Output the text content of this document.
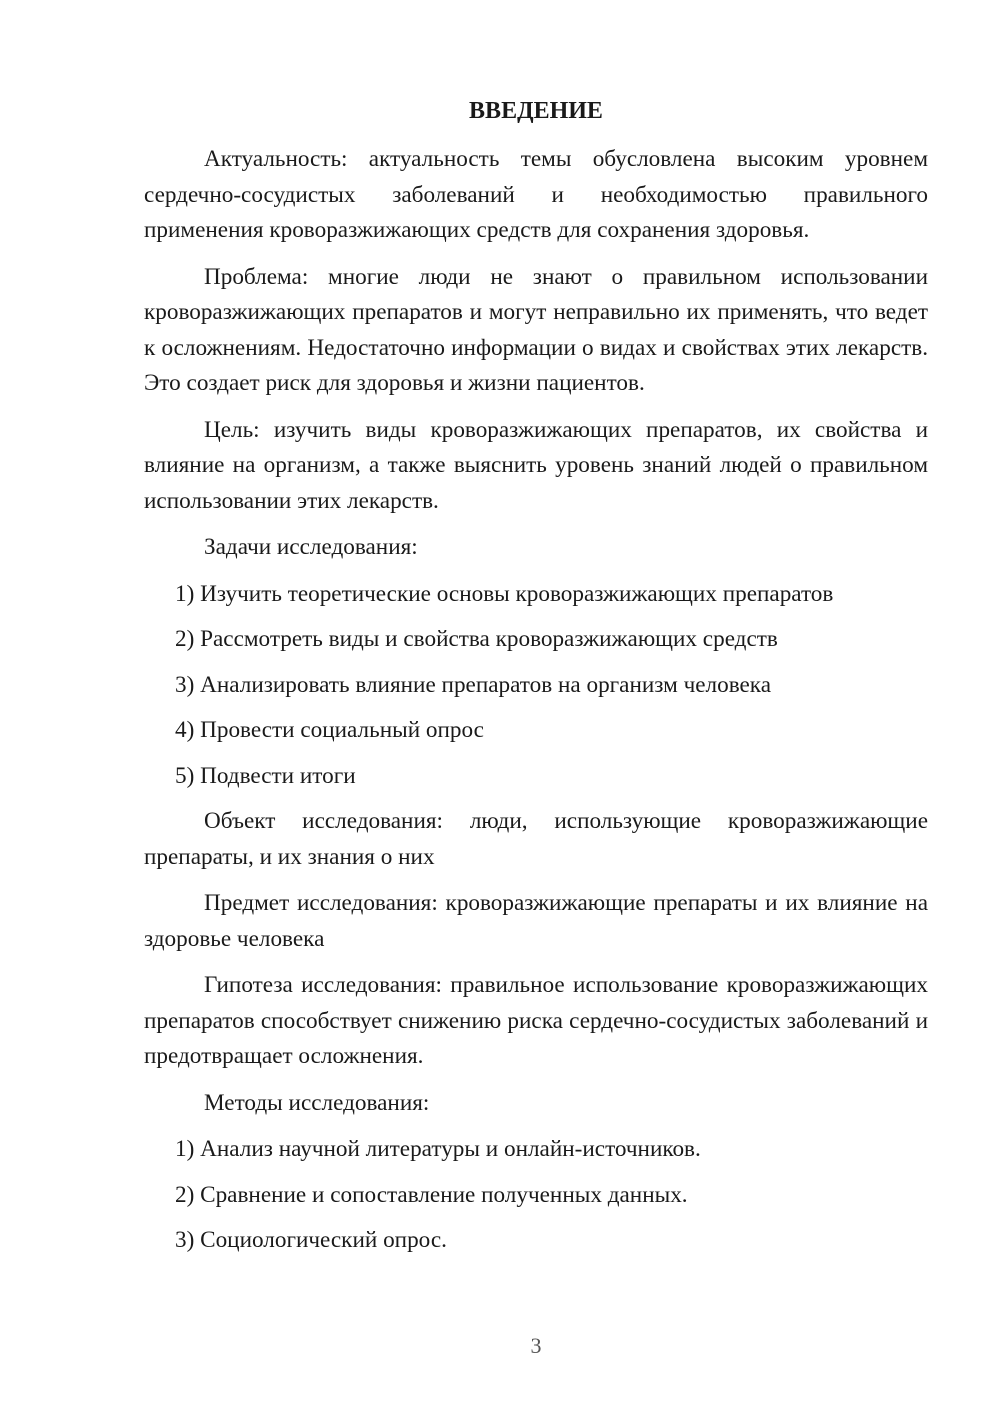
ВВЕДЕНИЕ

Актуальность: актуальность темы обусловлена высоким уровнем сердечно-сосудистых заболеваний и необходимостью правильного применения кроворазжижающих средств для сохранения здоровья.

Проблема: многие люди не знают о правильном использовании кроворазжижающих препаратов и могут неправильно их применять, что ведет к осложнениям. Недостаточно информации о видах и свойствах этих лекарств. Это создает риск для здоровья и жизни пациентов.

Цель: изучить виды кроворазжижающих препаратов, их свойства и влияние на организм, а также выяснить уровень знаний людей о правильном использовании этих лекарств.

Задачи исследования:

1) Изучить теоретические основы кроворазжижающих препаратов
2) Рассмотреть виды и свойства кроворазжижающих средств
3) Анализировать влияние препаратов на организм человека
4) Провести социальный опрос
5) Подвести итоги

Объект исследования: люди, использующие кроворазжижающие препараты, и их знания о них

Предмет исследования: кроворазжижающие препараты и их влияние на здоровье человека

Гипотеза исследования: правильное использование кроворазжижающих препаратов способствует снижению риска сердечно-сосудистых заболеваний и предотвращает осложнения.

Методы исследования:

1) Анализ научной литературы и онлайн-источников.
2) Сравнение и сопоставление полученных данных.
3) Социологический опрос.
3
